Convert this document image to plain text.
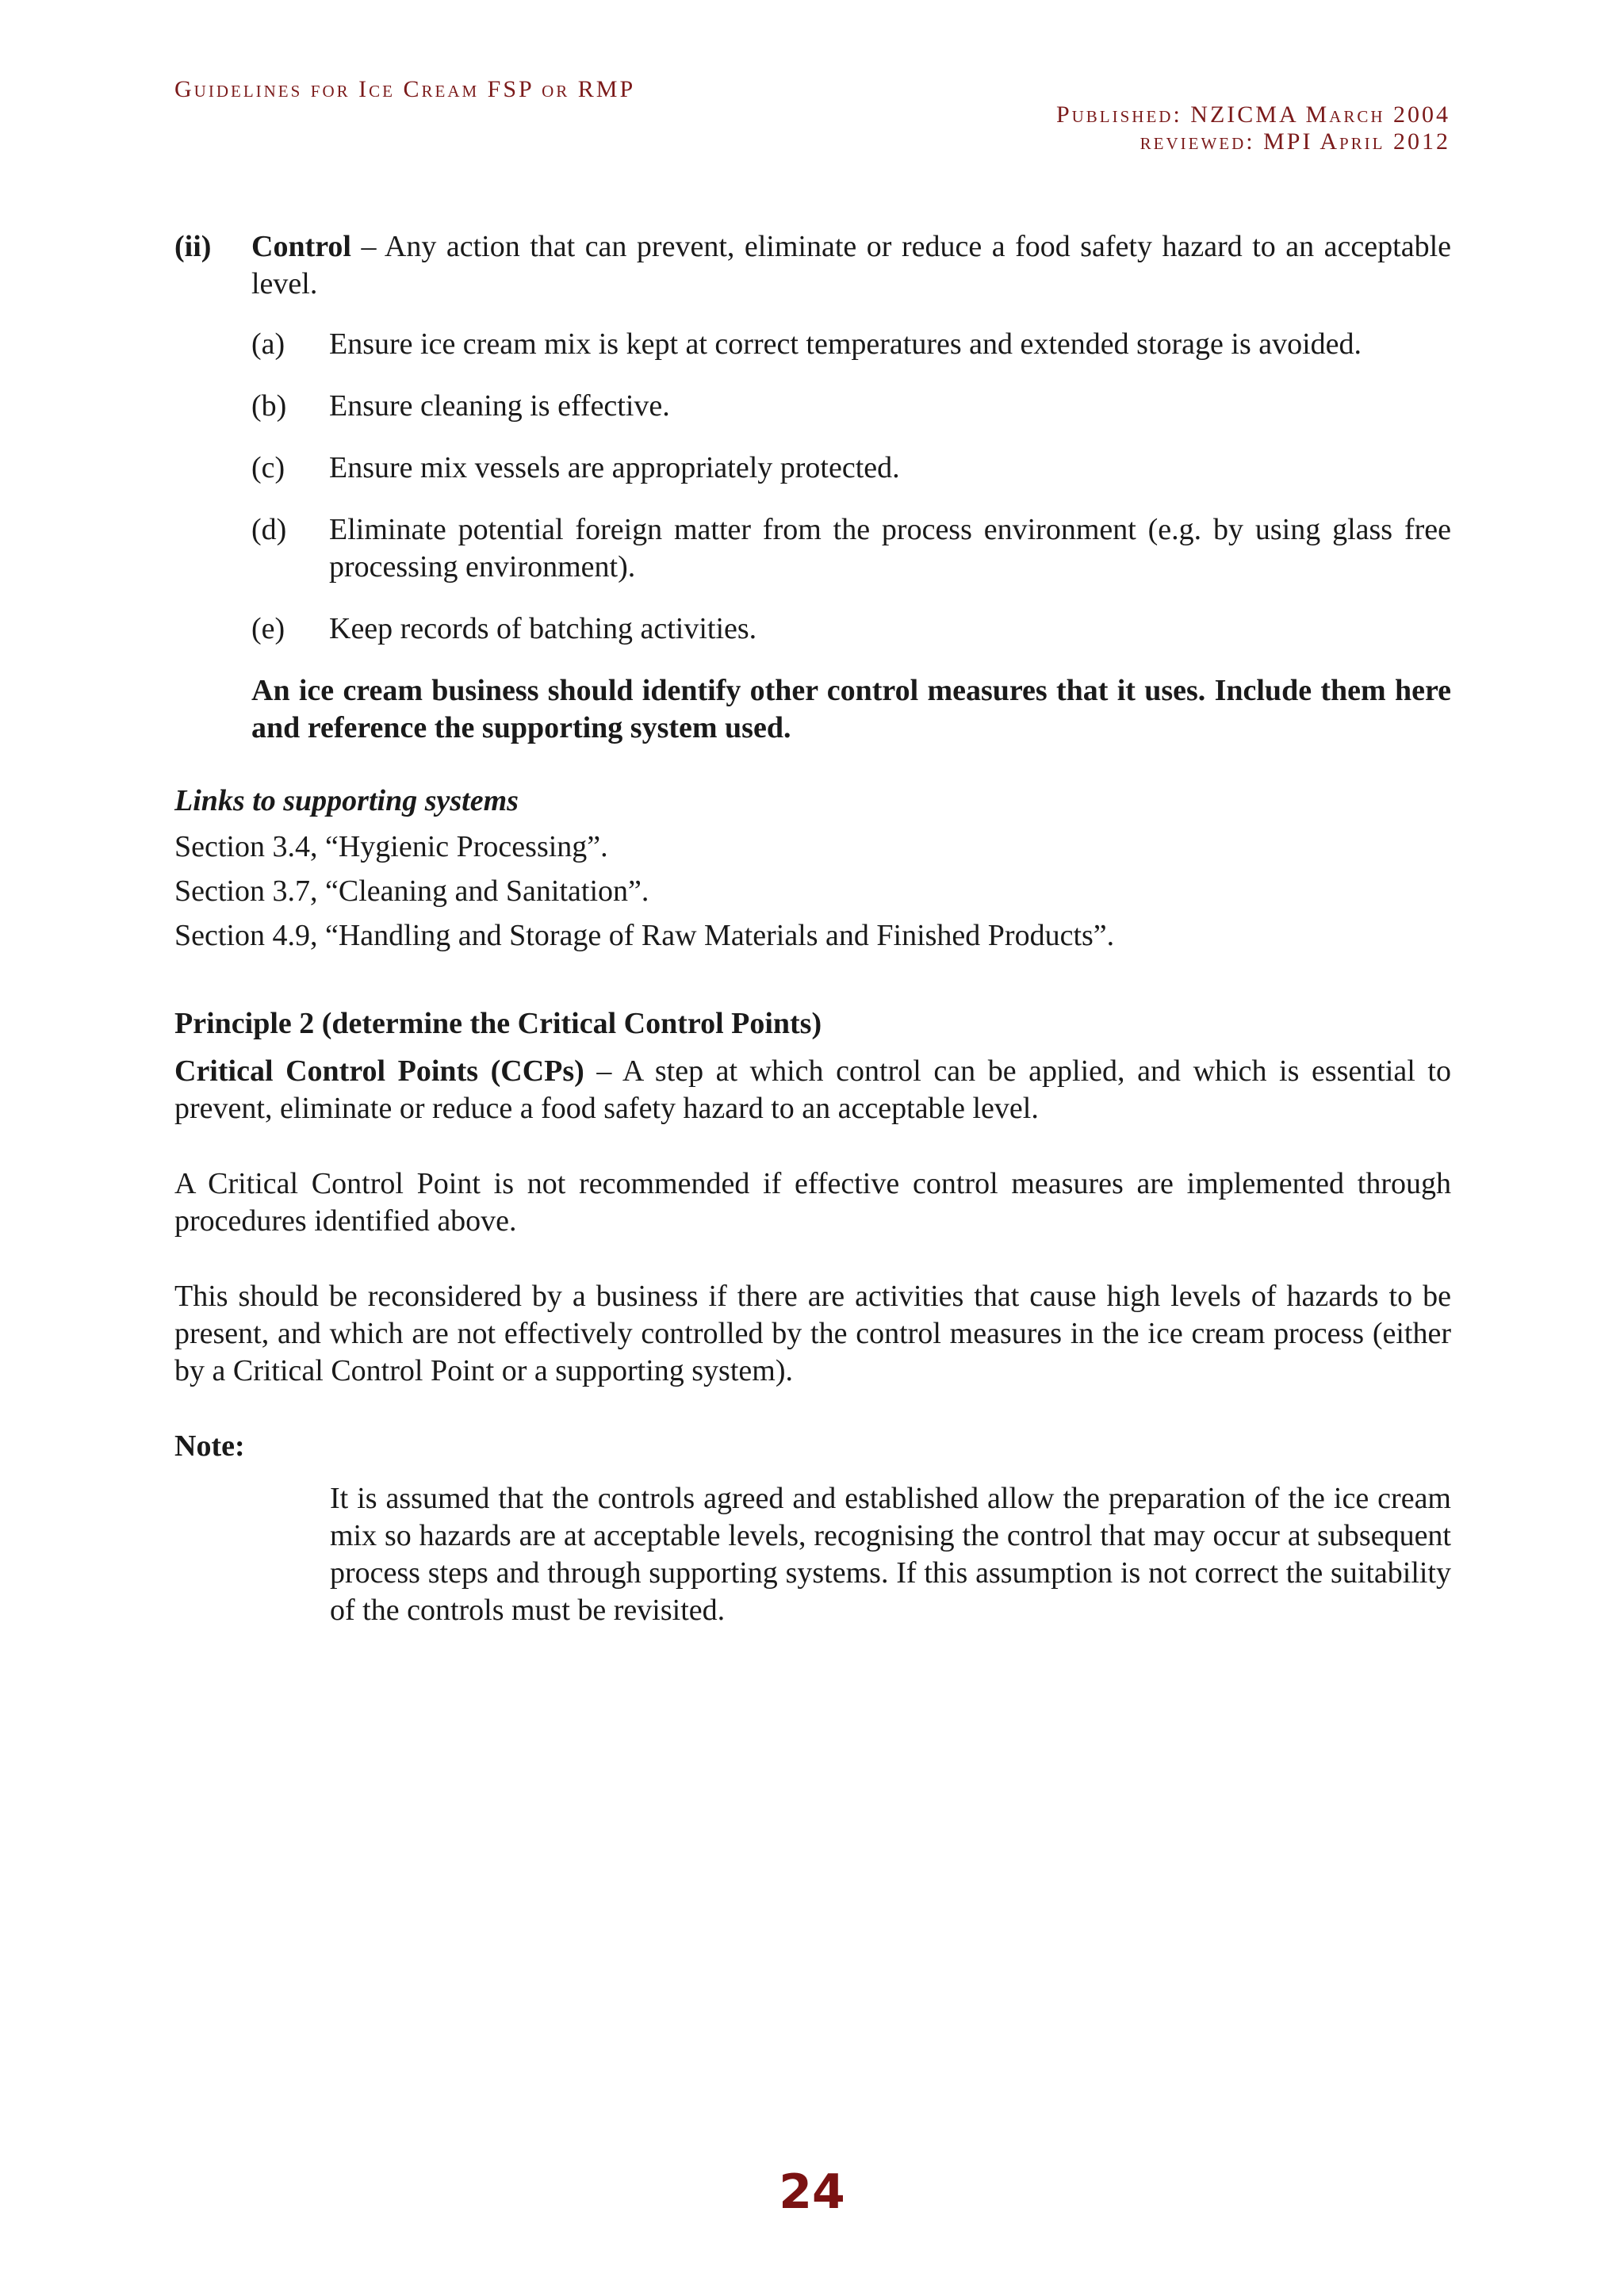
Guidelines for Ice Cream FSP or RMP
Published: NZICMA March 2004
reviewed: MPI April 2012
(ii) Control – Any action that can prevent, eliminate or reduce a food safety hazard to an acceptable level.

(a) Ensure ice cream mix is kept at correct temperatures and extended storage is avoided.
(b) Ensure cleaning is effective.
(c) Ensure mix vessels are appropriately protected.
(d) Eliminate potential foreign matter from the process environment (e.g. by using glass free processing environment).
(e) Keep records of batching activities.

An ice cream business should identify other control measures that it uses. Include them here and reference the supporting system used.

Links to supporting systems

Section 3.4, “Hygienic Processing”.

Section 3.7, “Cleaning and Sanitation”.

Section 4.9, “Handling and Storage of Raw Materials and Finished Products”.

Principle 2 (determine the Critical Control Points)

Critical Control Points (CCPs) – A step at which control can be applied, and which is essential to prevent, eliminate or reduce a food safety hazard to an acceptable level.

A Critical Control Point is not recommended if effective control measures are implemented through procedures identified above.

This should be reconsidered by a business if there are activities that cause high levels of hazards to be present, and which are not effectively controlled by the control measures in the ice cream process (either by a Critical Control Point or a supporting system).

Note:

It is assumed that the controls agreed and established allow the preparation of the ice cream mix so hazards are at acceptable levels, recognising the control that may occur at subsequent process steps and through supporting systems. If this assumption is not correct the suitability of the controls must be revisited.

24
